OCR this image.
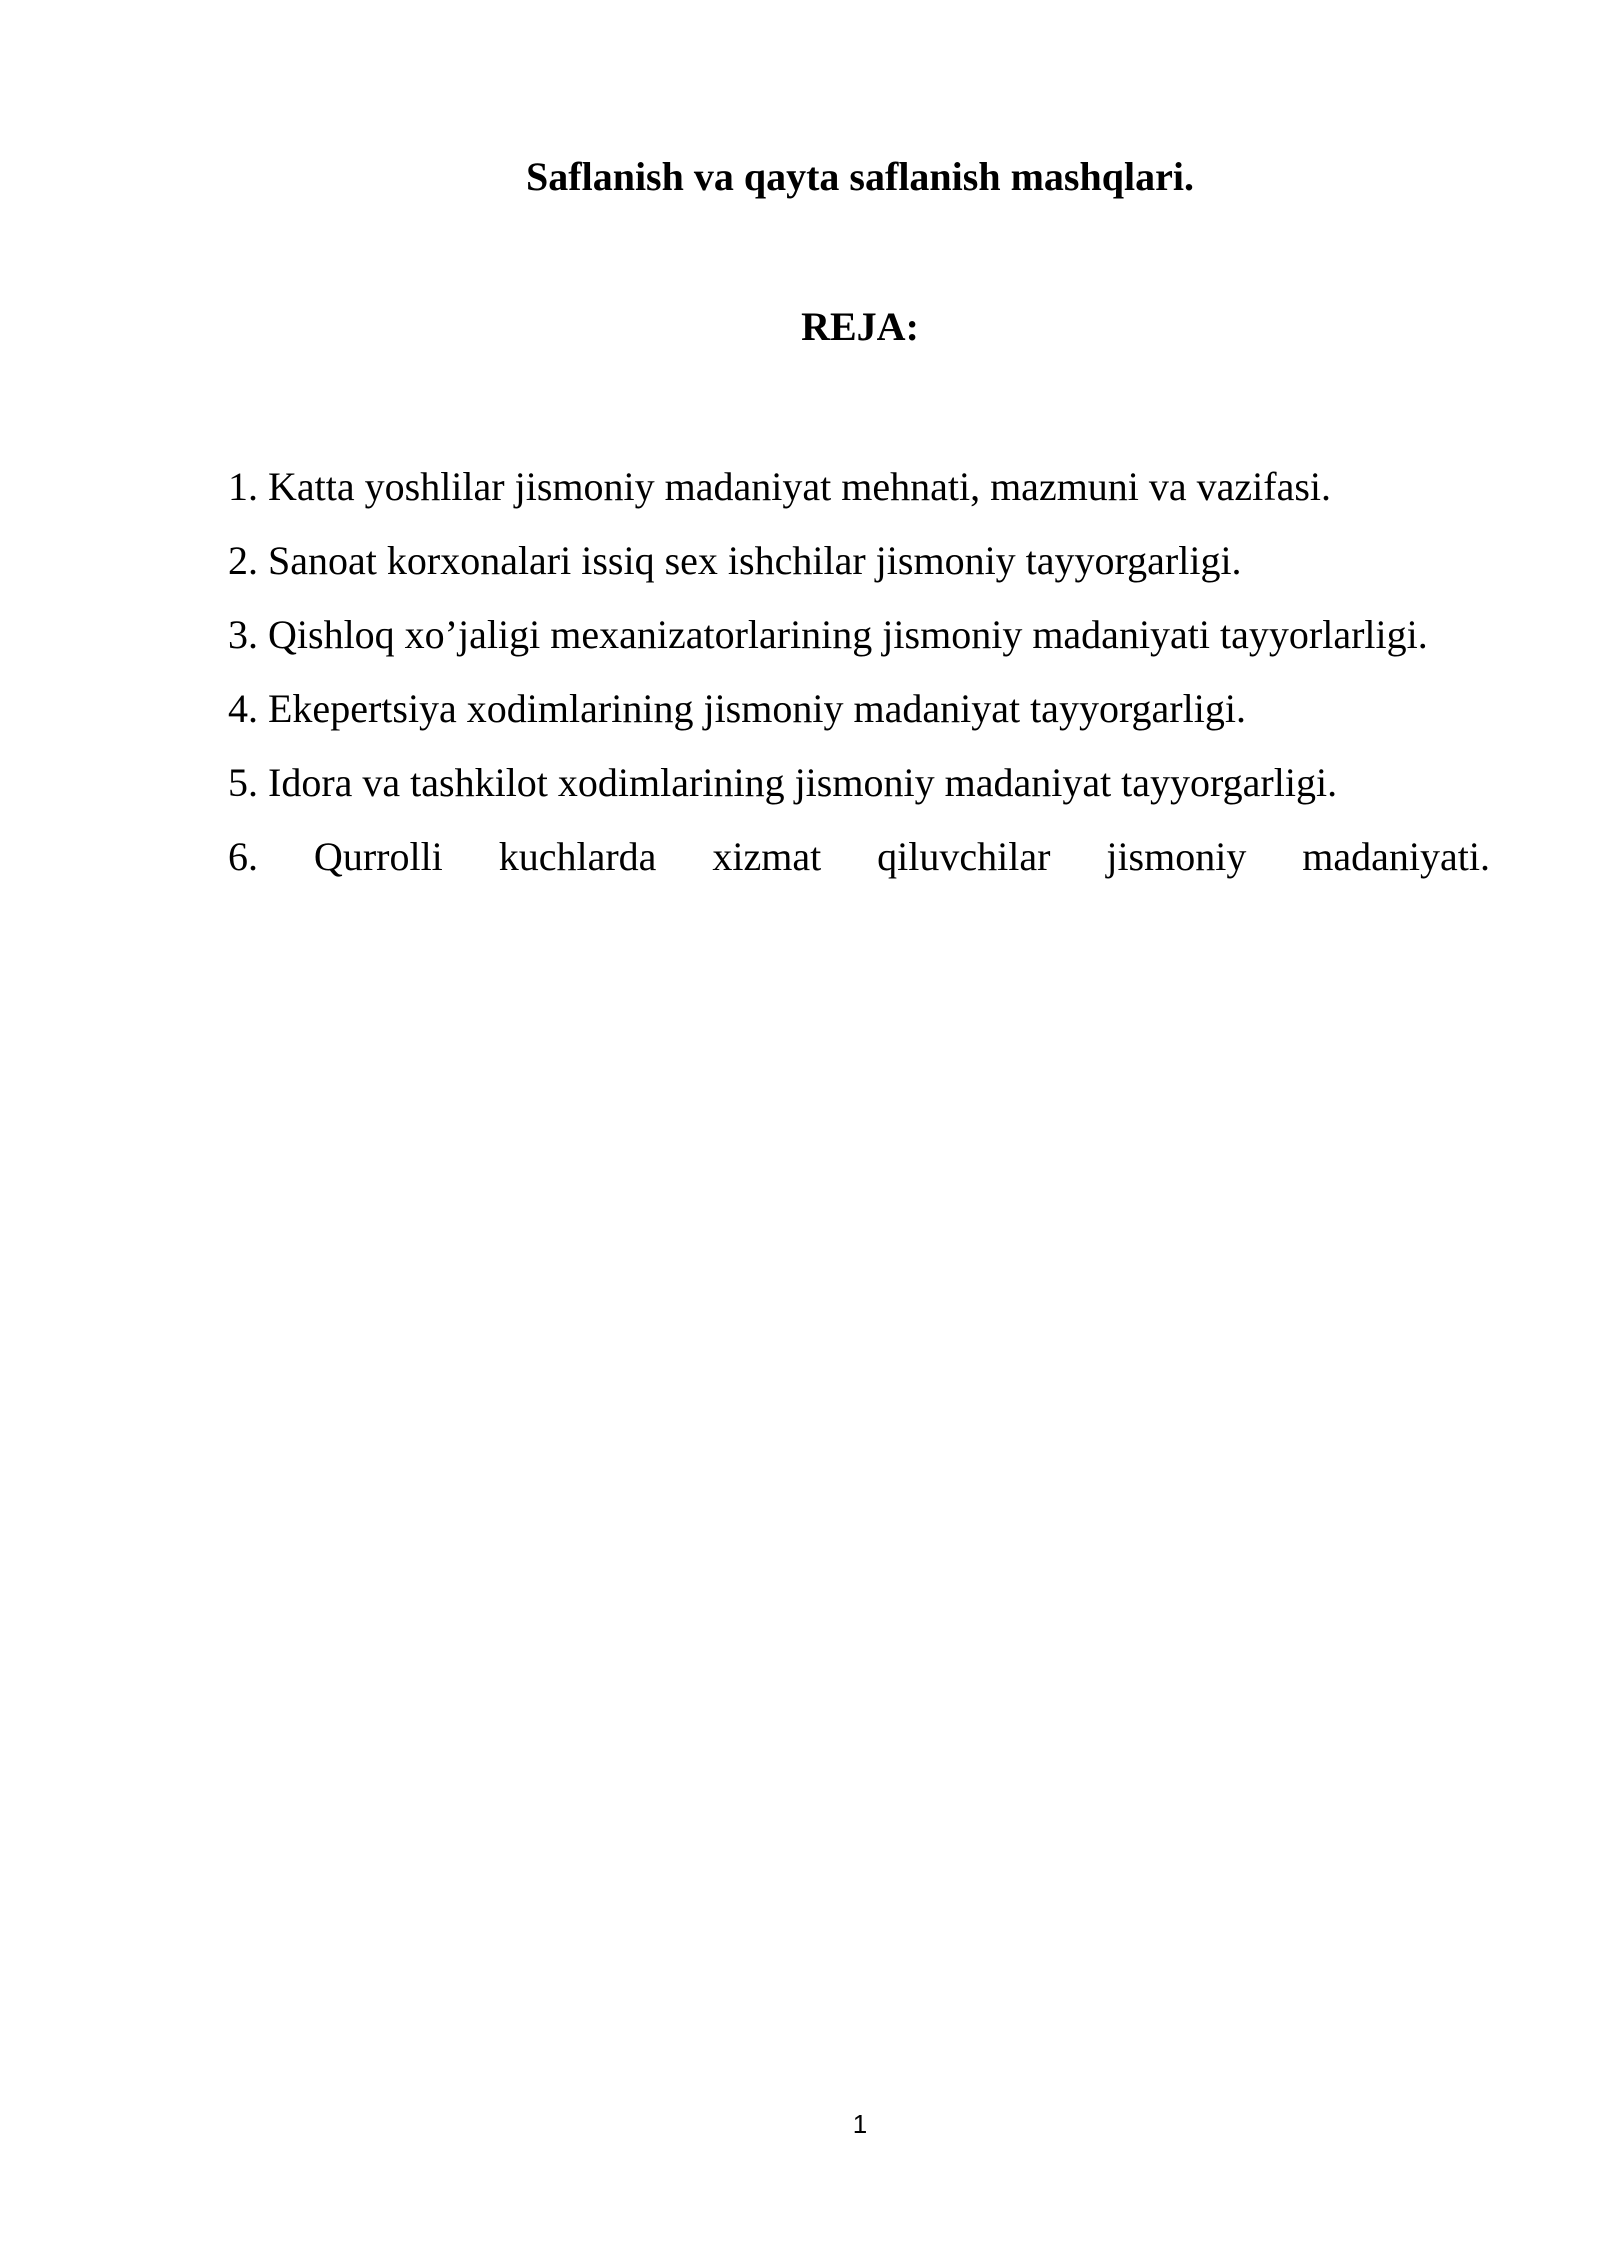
Saflanish va qayta saflanish mashqlari.
REJA:
1. Katta yoshlilar jismoniy madaniyat mehnati, mazmuni va vazifasi.
2. Sanoat korxonalari issiq sex ishchilar jismoniy tayyorgarligi.
3. Qishloq xo’jaligi mexanizatorlarining jismoniy madaniyati tayyorlarligi.
4. Ekepertsiya xodimlarining jismoniy madaniyat tayyorgarligi.
5. Idora va tashkilot xodimlarining jismoniy madaniyat tayyorgarligi.
6. Qurrolli kuchlarda xizmat qiluvchilar jismoniy madaniyati.
1
